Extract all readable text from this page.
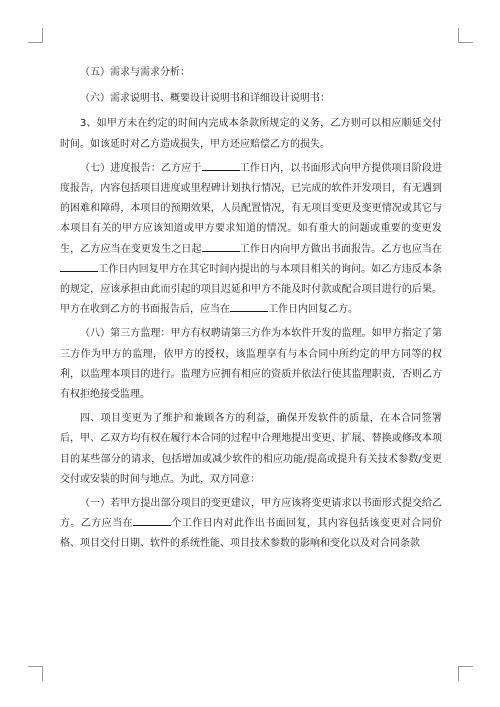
（五）需求与需求分析：

（六）需求说明书、概要设计说明书和详细设计说明书：

3、如甲方未在约定的时间内完成本条款所规定的义务，乙方则可以相应顺延交付时间。如该延时对乙方造成损失，甲方还应赔偿乙方的损失。

（七）进度报告：乙方应于	工作日内，以书面形式向甲方提供项目阶段进度报告，内容包括项目进度或里程碑计划执行情况，已完成的软件开发项目，有无遇到的困难和障碍，本项目的预期效果，人员配置情况，有无项目变更及变更情况或其它与本项目有关的甲方应该知道或甲方要求知道的情况。如有重大的问题或重要的变更发生，乙方应当在变更发生之日起	工作日内向甲方做出书面报告。乙方也应当在工作日内回复甲方在其它时间内提出的与本项目相关的询问。如乙方违反本条的规定，应该承担由此而引起的项目迟延和甲方不能及时付款或配合项目进行的后果。甲方在收到乙方的书面报告后，应当在	工作日内回复乙方。

（八）第三方监理：甲方有权聘请第三方作为本软件开发的监理。如甲方指定了第三方作为甲方的监理，依甲方的授权，该监理享有与本合同中所约定的甲方同等的权利，以监理本项目的进行。监理方应拥有相应的资质并依法行使其监理职责，否则乙方有权拒绝接受监理。

四、项目变更为了维护和兼顾各方的利益，确保开发软件的质量，在本合同签署后，甲、乙双方均有权在履行本合同的过程中合理地提出变更、扩展、替换或修改本项目的某些部分的请求，包括增加或减少软件的相应功能/提高或提升有关技术参数/变更交付或安装的时间与地点。为此，双方同意：

（一）若甲方提出部分项目的变更建议，甲方应该将变更请求以书面形式提交给乙方。乙方应当在	个工作日内对此作出书面回复，其内容包括该变更对合同价格、项目交付日期、软件的系统性能、项目技术参数的影响和变化以及对合同条款
